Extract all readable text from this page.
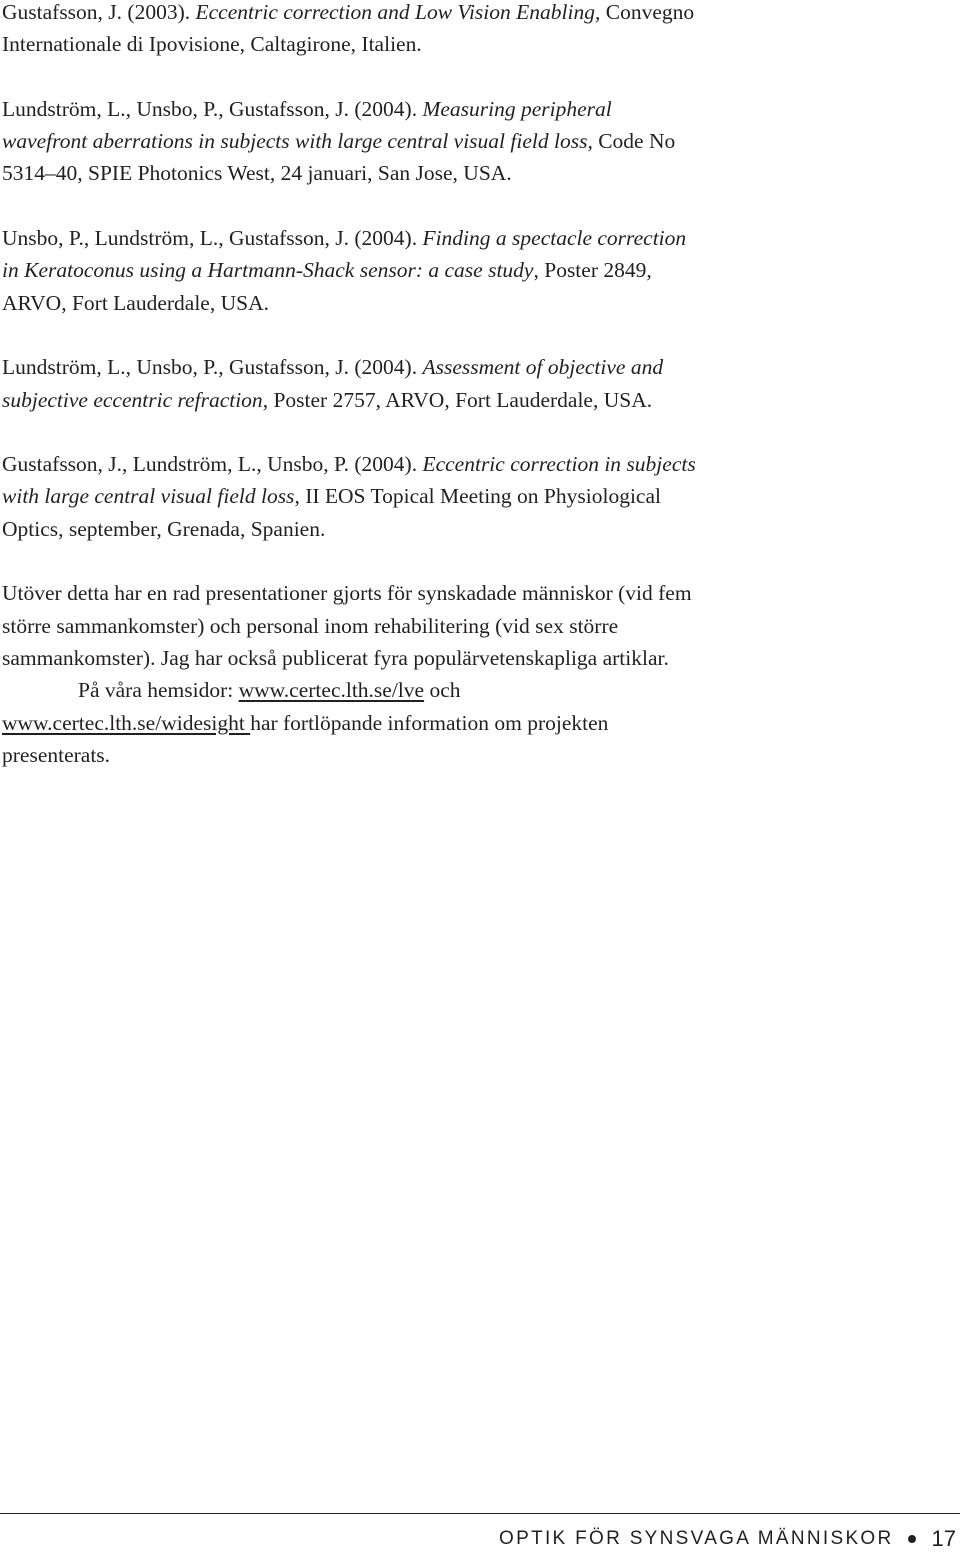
Gustafsson, J. (2003). Eccentric correction and Low Vision Enabling, Convegno Internationale di Ipovisione, Caltagirone, Italien.

Lundström, L., Unsbo, P., Gustafsson, J. (2004). Measuring peripheral wavefront aberrations in subjects with large central visual field loss, Code No 5314–40, SPIE Photonics West, 24 januari, San Jose, USA.

Unsbo, P., Lundström, L., Gustafsson, J. (2004). Finding a spectacle correction in Keratoconus using a Hartmann-Shack sensor: a case study, Poster 2849, ARVO, Fort Lauderdale, USA.

Lundström, L., Unsbo, P., Gustafsson, J. (2004). Assessment of objective and subjective eccentric refraction, Poster 2757, ARVO, Fort Lauderdale, USA.

Gustafsson, J., Lundström, L., Unsbo, P. (2004). Eccentric correction in subjects with large central visual field loss, II EOS Topical Meeting on Physiological Optics, september, Grenada, Spanien.

Utöver detta har en rad presentationer gjorts för synskadade människor (vid fem större sammankomster) och personal inom rehabilitering (vid sex större sammankomster). Jag har också publicerat fyra populärvetenskapliga artiklar.

På våra hemsidor: www.certec.lth.se/lve och www.certec.lth.se/widesight har fortlöpande information om projekten presenterats.

OPTIK FÖR SYNSVAGA MÄNNISKOR 17
